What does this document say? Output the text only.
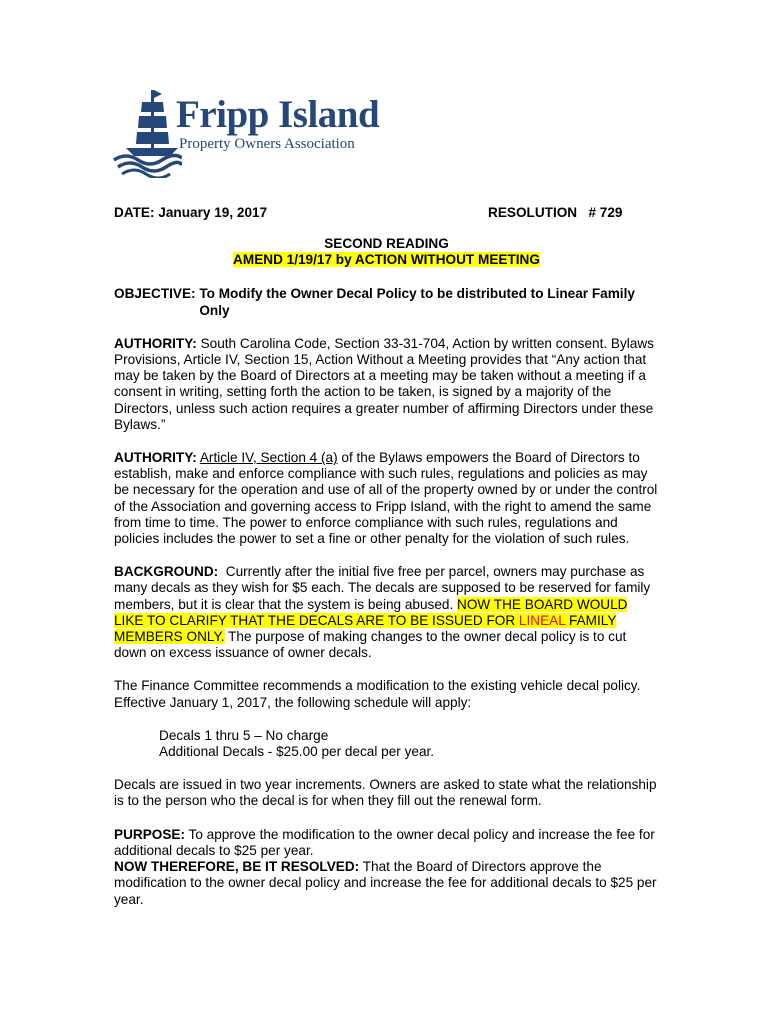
Fripp Island
Property Owners Association
DATE: January 19, 2017	RESOLUTION   # 729

SECOND READING

AMEND 1/19/17 by ACTION WITHOUT MEETING

OBJECTIVE: To Modify the Owner Decal Policy to be distributed to Linear Family Only

AUTHORITY: South Carolina Code, Section 33-31-704, Action by written consent. Bylaws Provisions, Article IV, Section 15, Action Without a Meeting provides that “Any action that may be taken by the Board of Directors at a meeting may be taken without a meeting if a consent in writing, setting forth the action to be taken, is signed by a majority of the Directors, unless such action requires a greater number of affirming Directors under these Bylaws.”

AUTHORITY: Article IV, Section 4 (a) of the Bylaws empowers the Board of Directors to establish, make and enforce compliance with such rules, regulations and policies as may be necessary for the operation and use of all of the property owned by or under the control of the Association and governing access to Fripp Island, with the right to amend the same from time to time. The power to enforce compliance with such rules, regulations and policies includes the power to set a fine or other penalty for the violation of such rules.

BACKGROUND: Currently after the initial five free per parcel, owners may purchase as many decals as they wish for $5 each. The decals are supposed to be reserved for family members, but it is clear that the system is being abused. NOW THE BOARD WOULD LIKE TO CLARIFY THAT THE DECALS ARE TO BE ISSUED FOR LINEAL FAMILY MEMBERS ONLY. The purpose of making changes to the owner decal policy is to cut down on excess issuance of owner decals.

The Finance Committee recommends a modification to the existing vehicle decal policy. Effective January 1, 2017, the following schedule will apply:

Decals 1 thru 5 – No charge

Additional Decals - $25.00 per decal per year.

Decals are issued in two year increments. Owners are asked to state what the relationship is to the person who the decal is for when they fill out the renewal form.

PURPOSE: To approve the modification to the owner decal policy and increase the fee for additional decals to $25 per year.

NOW THEREFORE, BE IT RESOLVED: That the Board of Directors approve the modification to the owner decal policy and increase the fee for additional decals to $25 per year.
